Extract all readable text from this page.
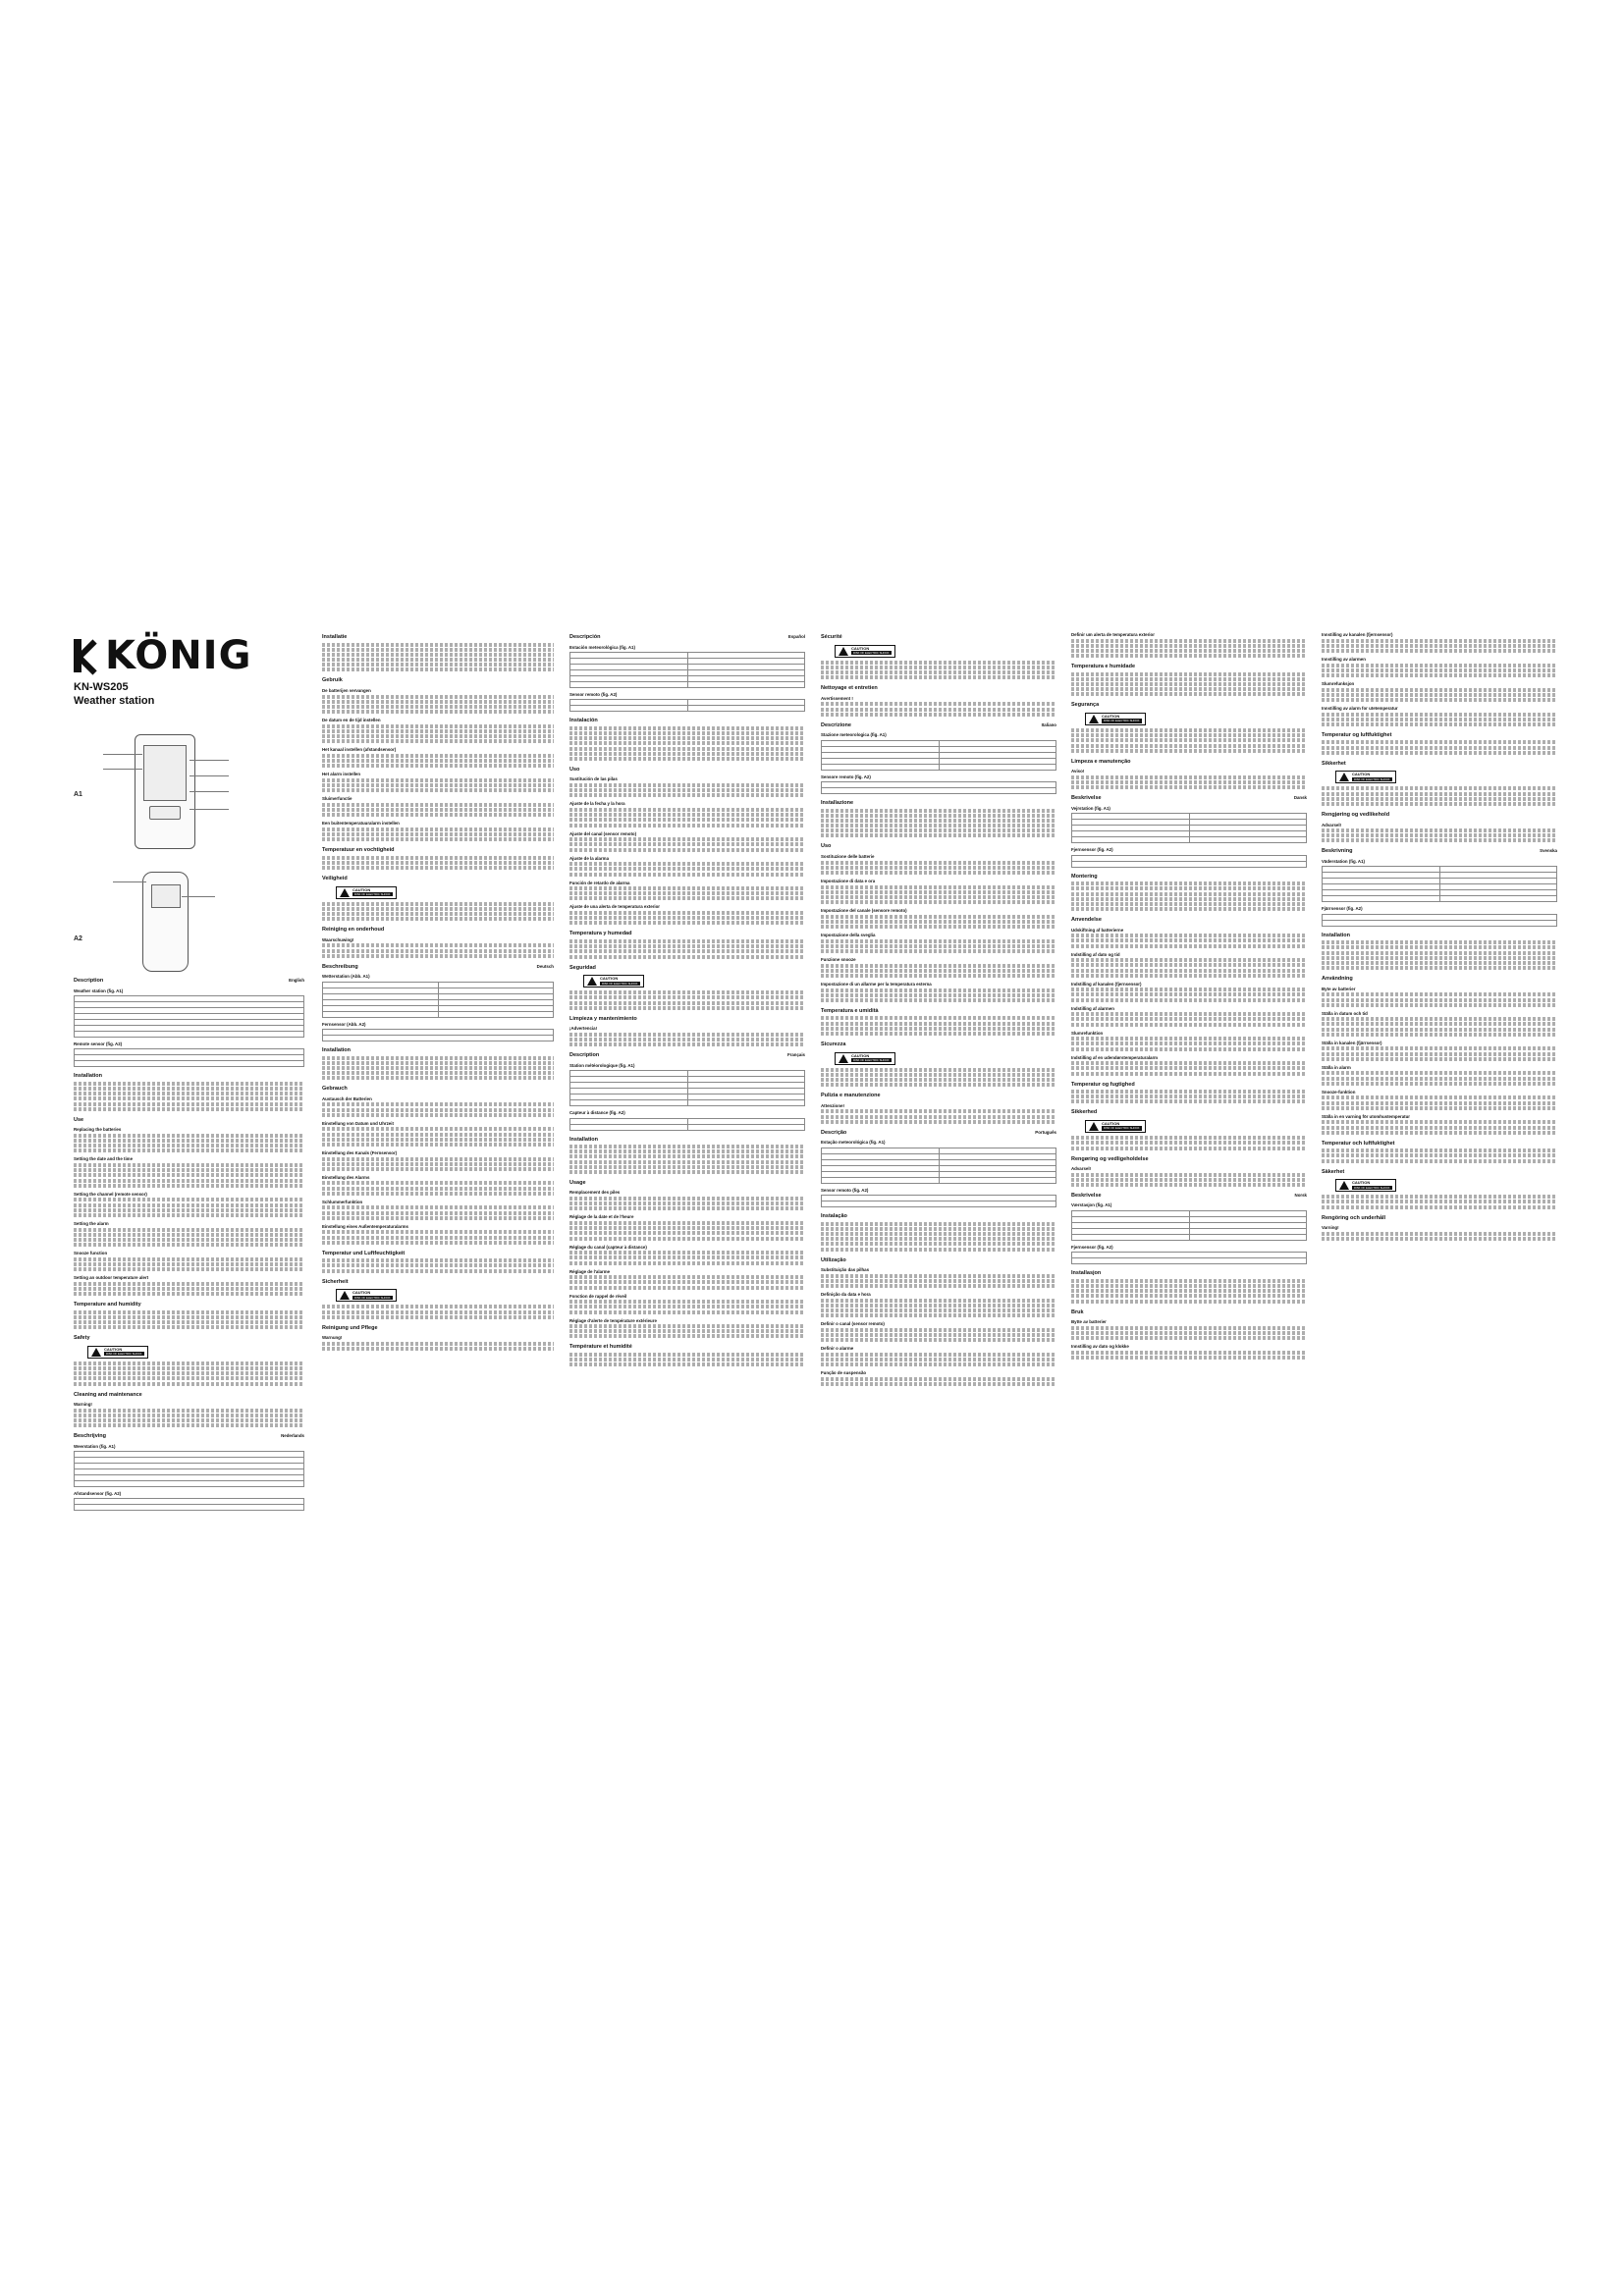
KÖNIG
KN-WS205
Weather station
A1
A2
Description	English
Weather station (fig. A1)

Remote sensor (fig. A2)

Installation
Use
Replacing the batteries
Setting the date and the time
Setting the channel (remote sensor)
Setting the alarm
Snooze function
Setting an outdoor temperature alert
Temperature and humidity
Safety
CAUTION
RISK OF ELECTRIC SHOCK
Cleaning and maintenance
Warning!
Beschrijving	Nederlands
Weerstation (fig. A1)

Afstandsensor (fig. A2)

Installatie
Gebruik
De batterijen vervangen
De datum en de tijd instellen
Het kanaal instellen (afstandsensor)
Het alarm instellen
Sluimerfunctie
Een buitentemperatuuralarm instellen
Temperatuur en vochtigheid
Veiligheid
CAUTION
RISK OF ELECTRIC SHOCK
Reiniging en onderhoud
Waarschuwing!
Beschreibung	Deutsch
Wetterstation (Abb. A1)

Fernsensor (Abb. A2)

Installation
Gebrauch
Austausch der Batterien
Einstellung von Datum und Uhrzeit
Einstellung des Kanals (Fernsensor)
Einstellung des Alarms
Schlummerfunktion
Einstellung eines Außentemperaturalarms
Temperatur und Luftfeuchtigkeit
Sicherheit
CAUTION
RISK OF ELECTRIC SHOCK
Reinigung und Pflege
Warnung!
Descripción	Español
Estación meteorológica (fig. A1)

Sensor remoto (fig. A2)

Instalación
Uso
Sustitución de las pilas
Ajuste de la fecha y la hora
Ajuste del canal (sensor remoto)
Ajuste de la alarma
Función de retardo de alarma
Ajuste de una alerta de temperatura exterior
Temperatura y humedad
Seguridad
CAUTION
RISK OF ELECTRIC SHOCK
Limpieza y mantenimiento
¡Advertencia!
Description	Français
Station météorologique (fig. A1)

Capteur à distance (fig. A2)

Installation
Usage
Remplacement des piles
Réglage de la date et de l'heure
Réglage du canal (capteur à distance)
Réglage de l'alarme
Fonction de rappel de réveil
Réglage d'alerte de température extérieure
Température et humidité
Sécurité
CAUTION
RISK OF ELECTRIC SHOCK
Nettoyage et entretien
Avertissement !
Descrizione	Italiano
Stazione meteorologica (fig. A1)

Sensore remoto (fig. A2)

Installazione
Uso
Sostituzione delle batterie
Impostazione di data e ora
Impostazione del canale (sensore remoto)
Impostazione della sveglia
Funzione snooze
Impostazione di un allarme per la temperatura esterna
Temperatura e umidità
Sicurezza
CAUTION
RISK OF ELECTRIC SHOCK
Pulizia e manutenzione
Attenzione!
Descrição	Português
Estação meteorológica (fig. A1)

Sensor remoto (fig. A2)

Instalação
Utilização
Substituição das pilhas
Definição da data e hora
Definir o canal (sensor remoto)
Definir o alarme
Função de suspensão
Definir um alerta de temperatura exterior
Temperatura e humidade
Segurança
CAUTION
RISK OF ELECTRIC SHOCK
Limpeza e manutenção
Aviso!
Beskrivelse	Dansk
Vejrstation (fig. A1)

Fjernsensor (fig. A2)

Montering
Anvendelse
Udskiftning af batterierne
Indstilling af dato og tid
Indstilling af kanalen (fjernsensor)
Indstilling af alarmen
Slumrefunktion
Indstilling af en udendørstemperaturalarm
Temperatur og fugtighed
Sikkerhed
CAUTION
RISK OF ELECTRIC SHOCK
Rengøring og vedligeholdelse
Advarsel!
Beskrivelse	Norsk
Værstasjon (fig. A1)

Fjernsensor (fig. A2)

Installasjon
Bruk
Bytte av batterier
Innstilling av dato og klokke
Innstilling av kanalen (fjernsensor)
Innstilling av alarmen
Slumrefunksjon
Innstilling av alarm for utetemperatur
Temperatur og luftfuktighet
Sikkerhet
CAUTION
RISK OF ELECTRIC SHOCK
Rengjøring og vedlikehold
Advarsel!
Beskrivning	Svenska
Väderstation (fig. A1)

Fjärrsensor (fig. A2)

Installation
Användning
Byte av batterier
Ställa in datum och tid
Ställa in kanalen (fjärrsensor)
Ställa in alarm
Snooze-funktion
Ställa in en varning för utomhustemperatur
Temperatur och luftfuktighet
Säkerhet
CAUTION
RISK OF ELECTRIC SHOCK
Rengöring och underhåll
Varning!
